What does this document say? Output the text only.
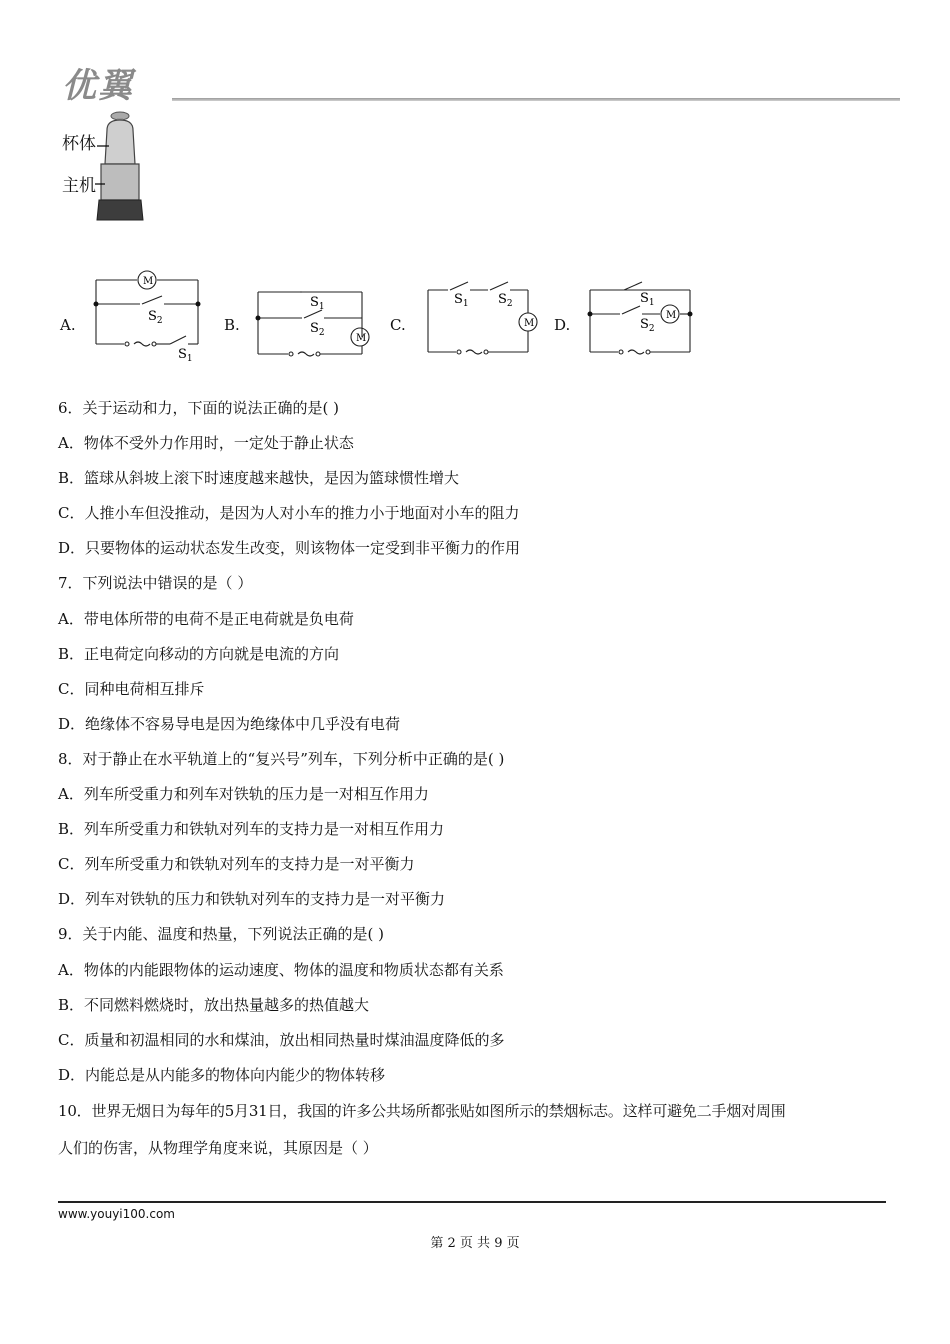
优翼
杯体
主机
A.	B.	C.	D.
M
$S_2$
$S_1$
M
$S_1$
$S_2$
M
$S_1$ $S_2$
M
$S_1$
$S_2$
6．关于运动和力，下面的说法正确的是( )
A．物体不受外力作用时，一定处于静止状态
B．篮球从斜坡上滚下时速度越来越快，是因为篮球惯性增大
C．人推小车但没推动，是因为人对小车的推力小于地面对小车的阻力
D．只要物体的运动状态发生改变，则该物体一定受到非平衡力的作用
7．下列说法中错误的是（ ）
A．带电体所带的电荷不是正电荷就是负电荷
B．正电荷定向移动的方向就是电流的方向
C．同种电荷相互排斥
D．绝缘体不容易导电是因为绝缘体中几乎没有电荷
8．对于静止在水平轨道上的“复兴号”列车，下列分析中正确的是( )
A．列车所受重力和列车对铁轨的压力是一对相互作用力
B．列车所受重力和铁轨对列车的支持力是一对相互作用力
C．列车所受重力和铁轨对列车的支持力是一对平衡力
D．列车对铁轨的压力和铁轨对列车的支持力是一对平衡力
9．关于内能、温度和热量，下列说法正确的是( )
A．物体的内能跟物体的运动速度、物体的温度和物质状态都有关系
B．不同燃料燃烧时，放出热量越多的热值越大
C．质量和初温相同的水和煤油，放出相同热量时煤油温度降低的多
D．内能总是从内能多的物体向内能少的物体转移
10．世界无烟日为每年的5月31日，我国的许多公共场所都张贴如图所示的禁烟标志。这样可避免二手烟对周围
人们的伤害，从物理学角度来说，其原因是（ ）
www.youyi100.com
第 2 页 共 9 页
